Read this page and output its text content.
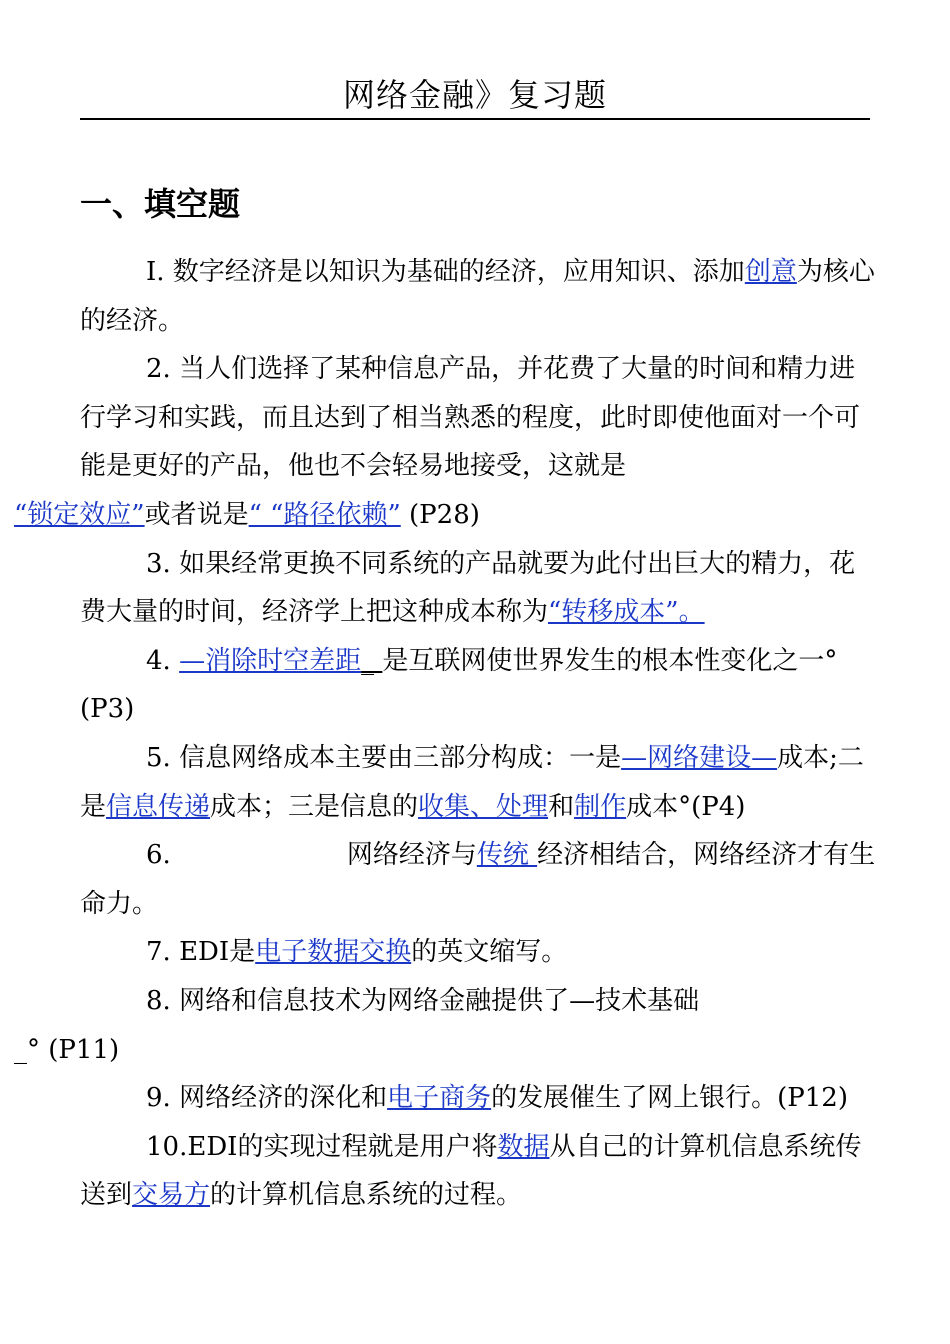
网络金融》复习题
一、填空题

I. 数字经济是以知识为基础的经济，应用知识、添加创意为核心的经济。

2. 当人们选择了某种信息产品，并花费了大量的时间和精力进行学习和实践，而且达到了相当熟悉的程度，此时即使他面对一个可能是更好的产品，他也不会轻易地接受，这就是
“锁定效应”或者说是“ “路径依赖” (P28)

3. 如果经常更换不同系统的产品就要为此付出巨大的精力，花费大量的时间，经济学上把这种成本称为“转移成本”。

4. —消除时空差距_ 是互联网使世界发生的根本性变化之一°(P3)

5. 信息网络成本主要由三部分构成：一是—网络建设—成本;二是信息传递成本；三是信息的收集、处理和制作成本°(P4)

6.	网络经济与传统 经济相结合，网络经济才有生命力。

7. EDI是电子数据交换的英文缩写。

8. 网络和信息技术为网络金融提供了—技术基础
_° (P11)

9. 网络经济的深化和电子商务的发展催生了网上银行。(P12)

10.EDI的实现过程就是用户将数据从自己的计算机信息系统传送到交易方的计算机信息系统的过程。
